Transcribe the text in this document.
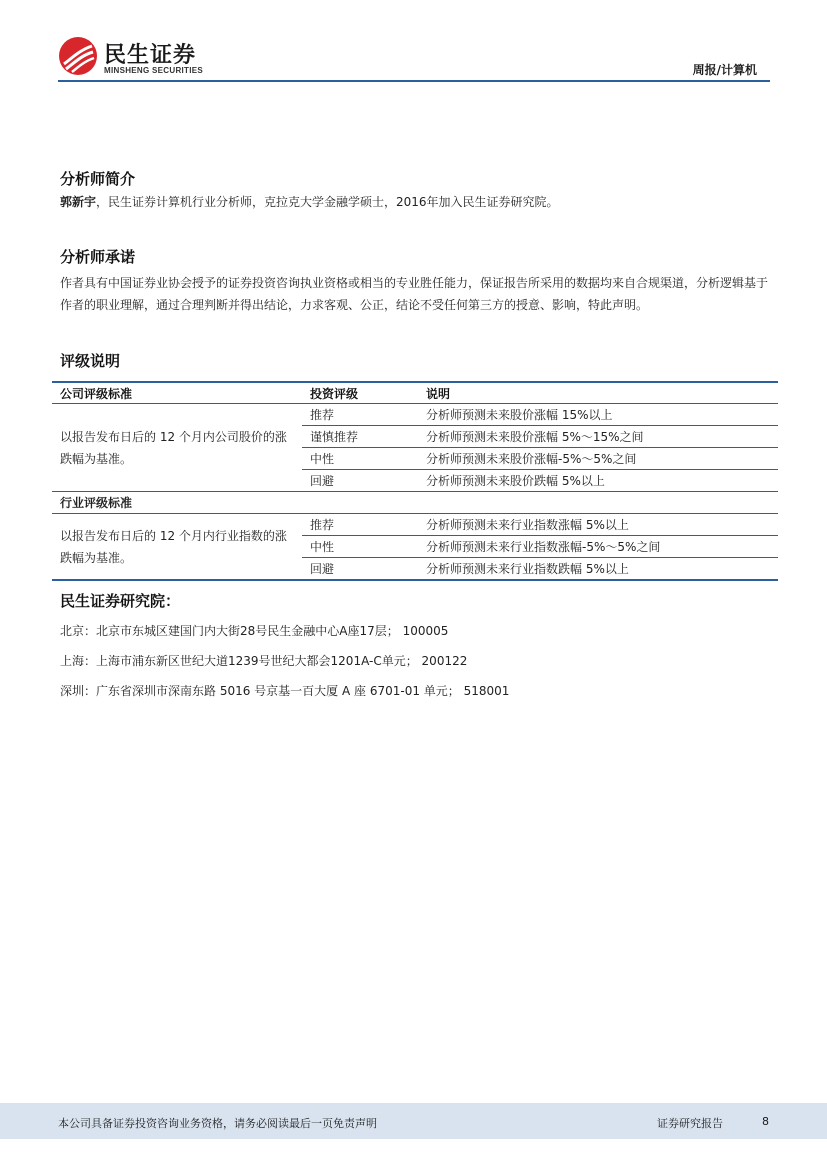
民生证券
MINSHENG SECURITIES	周报/计算机
分析师简介
郭新宇，民生证券计算机行业分析师，克拉克大学金融学硕士，2016年加入民生证券研究院。
分析师承诺
作者具有中国证券业协会授予的证券投资咨询执业资格或相当的专业胜任能力，保证报告所采用的数据均来自合规渠道，分析逻辑基于作者的职业理解，通过合理判断并得出结论，力求客观、公正，结论不受任何第三方的授意、影响，特此声明。
评级说明
公司评级标准	投资评级	说明
以报告发布日后的 12 个月内公司股价的涨跌幅为基准。	推荐	分析师预测未来股价涨幅 15%以上
	谨慎推荐	分析师预测未来股价涨幅 5%～15%之间
	中性	分析师预测未来股价涨幅-5%～5%之间
	回避	分析师预测未来股价跌幅 5%以上
行业评级标准		
以报告发布日后的 12 个月内行业指数的涨跌幅为基准。	推荐	分析师预测未来行业指数涨幅 5%以上
	中性	分析师预测未来行业指数涨幅-5%～5%之间
	回避	分析师预测未来行业指数跌幅 5%以上
民生证券研究院：
北京：北京市东城区建国门内大街28号民生金融中心A座17层； 100005
上海：上海市浦东新区世纪大道1239号世纪大都会1201A-C单元； 200122
深圳：广东省深圳市深南东路 5016 号京基一百大厦 A 座 6701-01 单元； 518001
本公司具备证券投资咨询业务资格，请务必阅读最后一页免责声明	证券研究报告	8
